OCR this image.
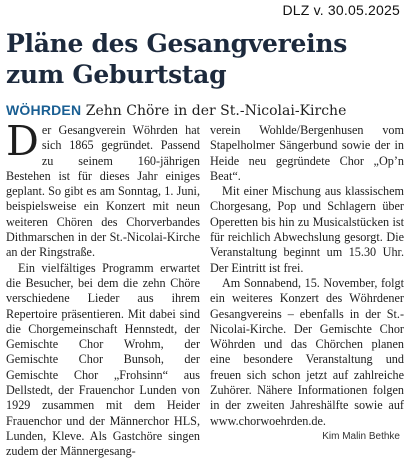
DLZ v. 30.05.2025
Pläne des Gesangvereins zum Geburtstag
WÖHRDEN Zehn Chöre in der St.-Nicolai-Kirche

Der Gesangverein Wöhrden hat sich 1865 gegründet. Passend zu seinem 160-jährigen Bestehen ist für dieses Jahr einiges geplant. So gibt es am Sonntag, 1. Juni, beispielsweise ein Konzert mit neun weiteren Chören des Chorverbandes Dithmarschen in der St.-Nicolai-Kirche an der Ringstraße.

Ein vielfältiges Programm erwartet die Besucher, bei dem die zehn Chöre verschiedene Lieder aus ihrem Repertoire präsentieren. Mit dabei sind die Chorgemeinschaft Hennstedt, der Gemischte Chor Wrohm, der Gemischte Chor Bunsoh, der Gemischte Chor „Frohsinn“ aus Dellstedt, der Frauenchor Lunden von 1929 zusammen mit dem Heider Frauenchor und der Männerchor HLS, Lunden, Kleve. Als Gastchöre singen zudem der Männergesang-

verein Wohlde/Bergenhusen vom Stapelholmer Sängerbund sowie der in Heide neu gegründete Chor „Op’n Beat“.

Mit einer Mischung aus klassischem Chorgesang, Pop und Schlagern über Operetten bis hin zu Musicalstücken ist für reichlich Abwechslung gesorgt. Die Veranstaltung beginnt um 15.30 Uhr. Der Eintritt ist frei.

Am Sonnabend, 15. November, folgt ein weiteres Konzert des Wöhrdener Gesangvereins – ebenfalls in der St.-Nicolai-Kirche. Der Gemischte Chor Wöhrden und das Chörchen planen eine besondere Veranstaltung und freuen sich schon jetzt auf zahlreiche Zuhörer. Nähere Informationen folgen in der zweiten Jahreshälfte sowie auf www.chorwoehrden.de.

Kim Malin Bethke
